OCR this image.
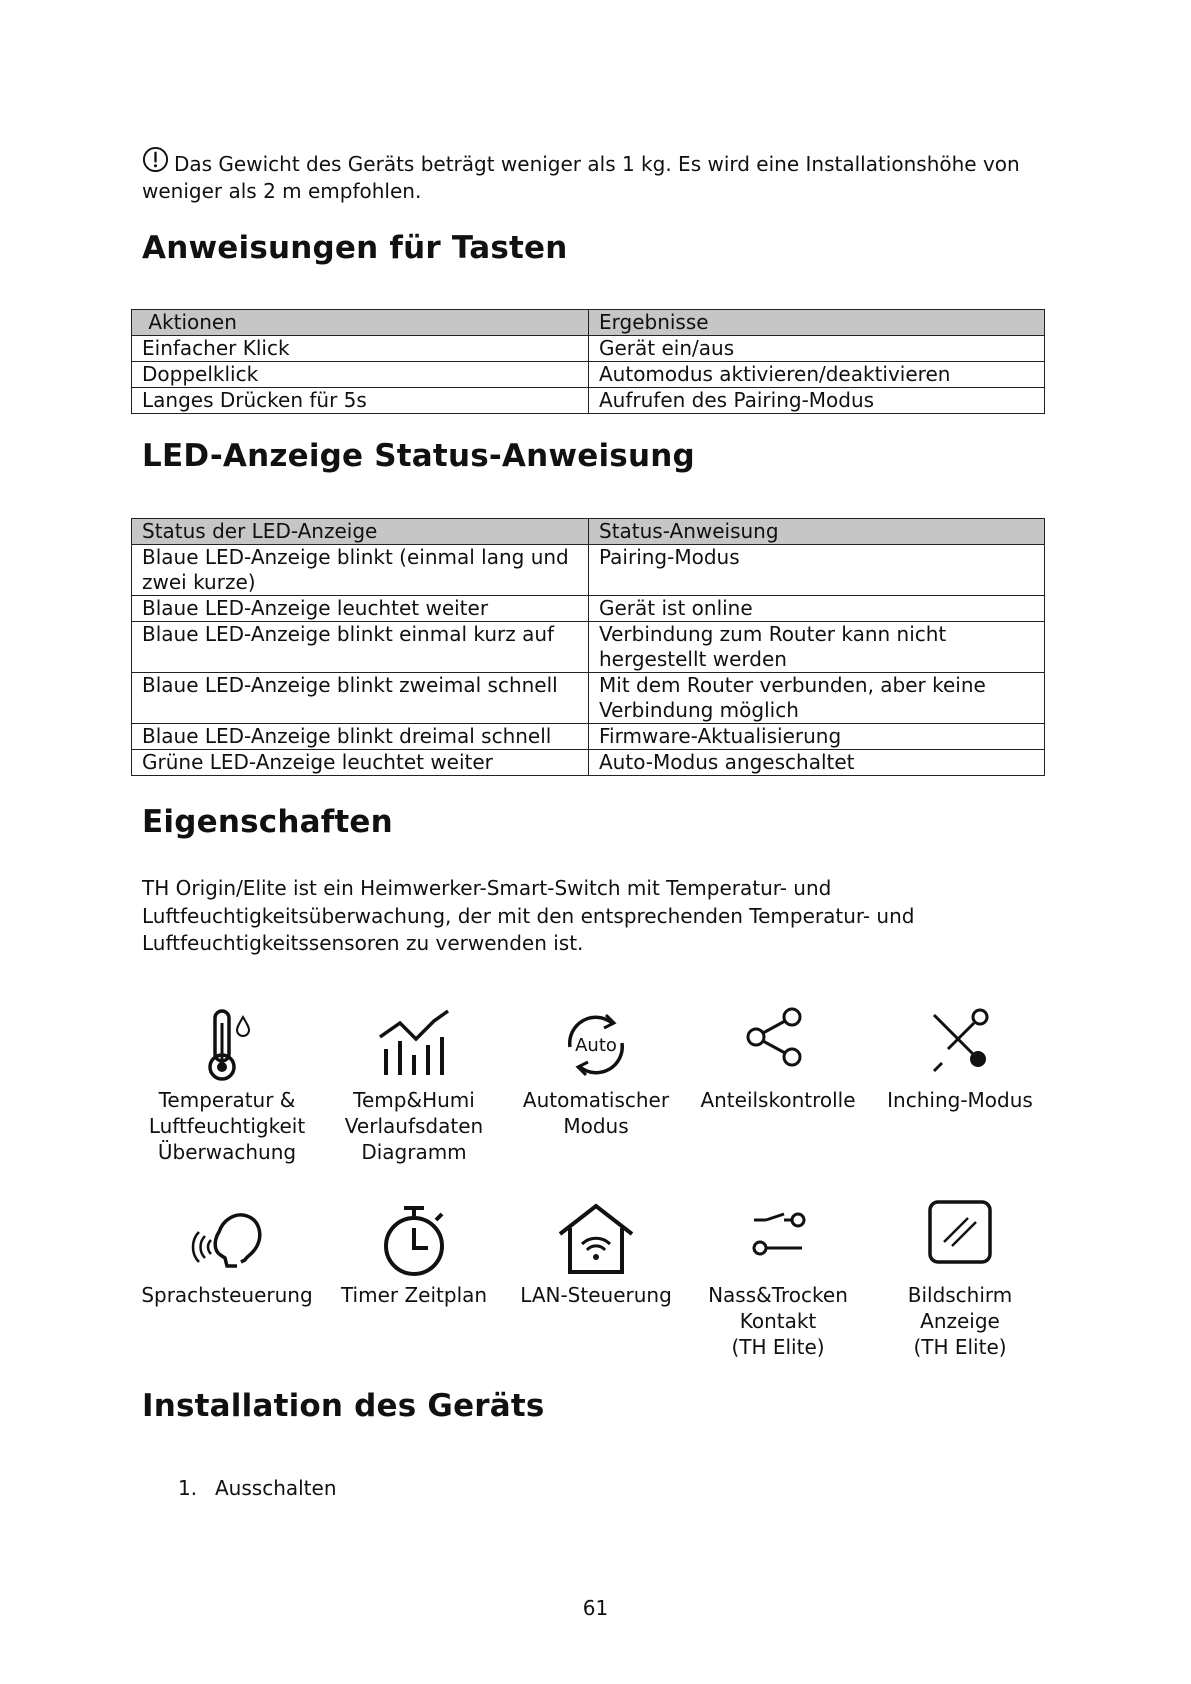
Das Gewicht des Geräts beträgt weniger als 1 kg. Es wird eine Installationshöhe von weniger als 2 m empfohlen.
Anweisungen für Tasten
Aktionen	Ergebnisse
Einfacher Klick	Gerät ein/aus
Doppelklick	Automodus aktivieren/deaktivieren
Langes Drücken für 5s	Aufrufen des Pairing-Modus
LED-Anzeige Status-Anweisung
Status der LED-Anzeige	Status-Anweisung
Blaue LED-Anzeige blinkt (einmal lang und zwei kurze)	Pairing-Modus
Blaue LED-Anzeige leuchtet weiter	Gerät ist online
Blaue LED-Anzeige blinkt einmal kurz auf	Verbindung zum Router kann nicht hergestellt werden
Blaue LED-Anzeige blinkt zweimal schnell	Mit dem Router verbunden, aber keine Verbindung möglich
Blaue LED-Anzeige blinkt dreimal schnell	Firmware-Aktualisierung
Grüne LED-Anzeige leuchtet weiter	Auto-Modus angeschaltet
Eigenschaften
TH Origin/Elite ist ein Heimwerker-Smart-Switch mit Temperatur- und Luftfeuchtigkeitsüberwachung, der mit den entsprechenden Temperatur- und Luftfeuchtigkeitssensoren zu verwenden ist.
Temperatur &
Luftfeuchtigkeit
Überwachung
Temp&Humi
Verlaufsdaten
Diagramm
Auto
Automatischer
Modus
Anteilskontrolle	Inching-Modus
Sprachsteuerung	Timer Zeitplan	LAN-Steuerung	Nass&Trocken
Kontakt
(TH Elite)
Bildschirm
Anzeige
(TH Elite)
Installation des Geräts
1. Ausschalten
61
